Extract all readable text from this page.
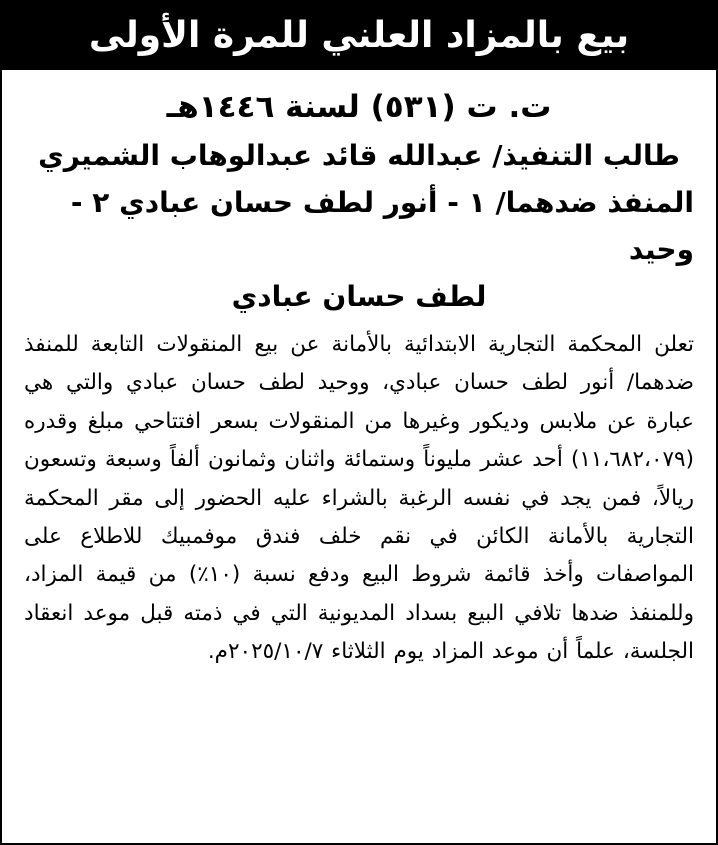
بيع بالمزاد العلني للمرة الأولى

ت. ت (٥٣١) لسنة ١٤٤٦هـ

طالب التنفيذ/ عبدالله قائد عبدالوهاب الشميري
المنفذ ضدهما/ ١ - أنور لطف حسان عبادي ٢ - وحيد
لطف حسان عبادي

تعلن المحكمة التجارية الابتدائية بالأمانة عن بيع المنقولات التابعة للمنفذ ضدهما/ أنور لطف حسان عبادي، ووحيد لطف حسان عبادي والتي هي عبارة عن ملابس وديكور وغيرها من المنقولات بسعر افتتاحي مبلغ وقدره (١١،٦٨٢،٠٧٩) أحد عشر مليوناً وستمائة واثنان وثمانون ألفاً وسبعة وتسعون ريالاً، فمن يجد في نفسه الرغبة بالشراء عليه الحضور إلى مقر المحكمة التجارية بالأمانة الكائن في نقم خلف فندق موفمبيك للاطلاع على المواصفات وأخذ قائمة شروط البيع ودفع نسبة (١٠٪) من قيمة المزاد، وللمنفذ ضدها تلافي البيع بسداد المديونية التي في ذمته قبل موعد انعقاد الجلسة، علماً أن موعد المزاد يوم الثلاثاء ٢٠٢٥/١٠/٧م.
